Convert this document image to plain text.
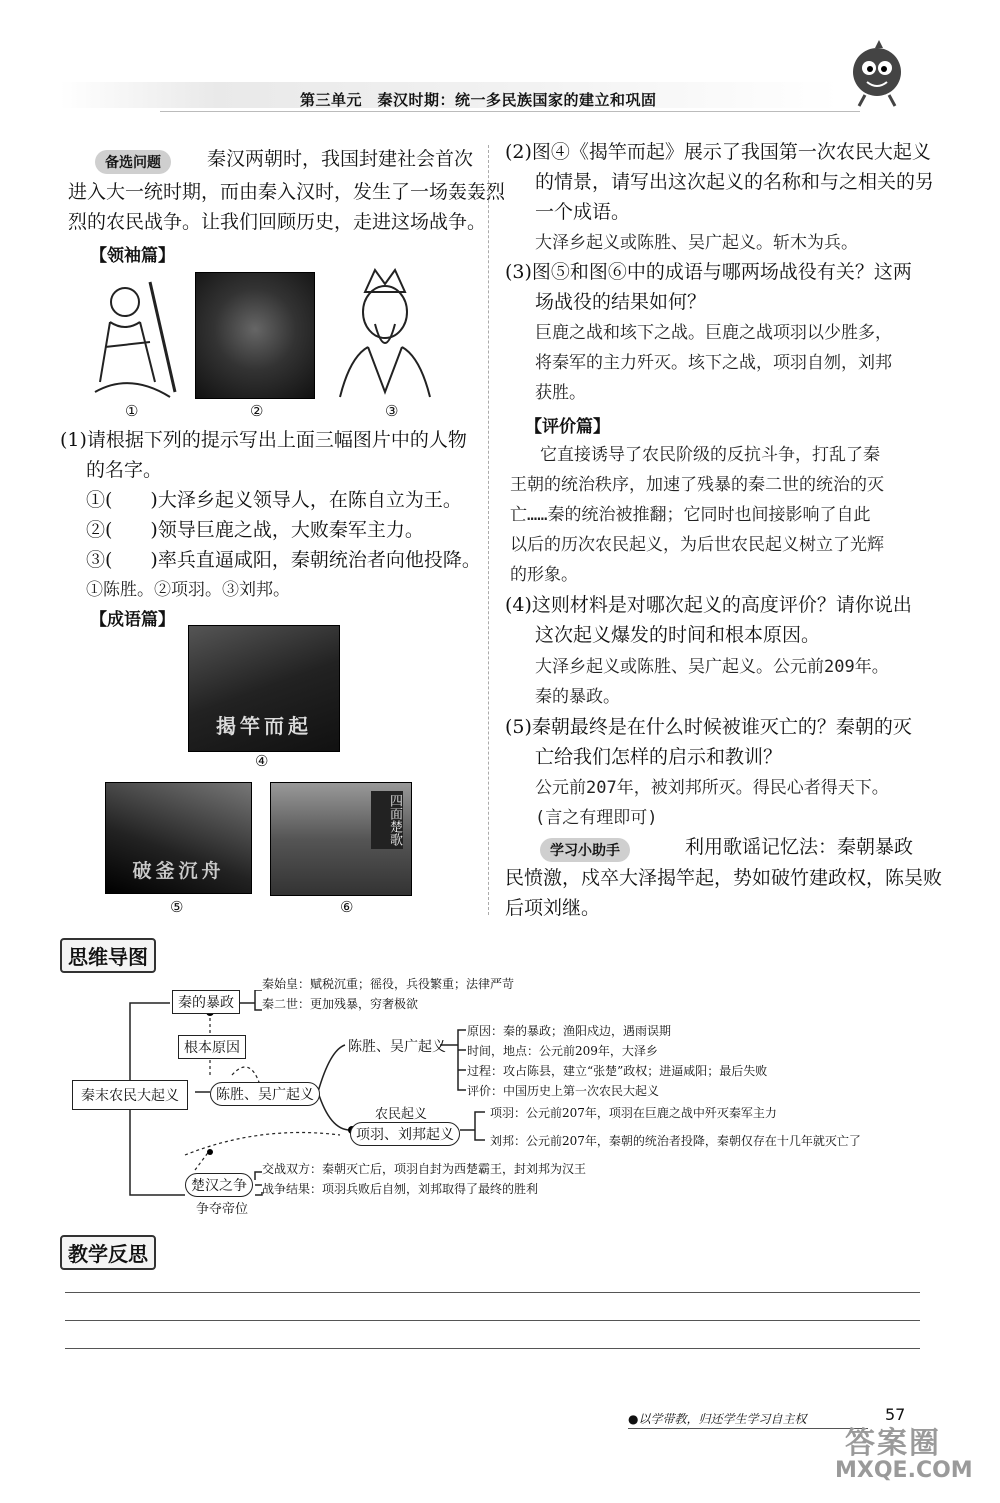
第三单元　秦汉时期：统一多民族国家的建立和巩固
备选问题	秦汉两朝时，我国封建社会首次
进入大一统时期，而由秦入汉时，发生了一场轰轰烈
烈的农民战争。让我们回顾历史，走进这场战争。
【领袖篇】
①	②	③
(1)请根据下列的提示写出上面三幅图片中的人物
的名字。
①(　　)大泽乡起义领导人，在陈自立为王。
②(　　)领导巨鹿之战，大败秦军主力。
③(　　)率兵直逼咸阳，秦朝统治者向他投降。
①陈胜。②项羽。③刘邦。
【成语篇】
揭竿而起
④
破釜沉舟
四面楚歌
⑤	⑥
(2)图④《揭竿而起》展示了我国第一次农民大起义
的情景，请写出这次起义的名称和与之相关的另
一个成语。
大泽乡起义或陈胜、吴广起义。斩木为兵。
(3)图⑤和图⑥中的成语与哪两场战役有关？这两
场战役的结果如何？
巨鹿之战和垓下之战。巨鹿之战项羽以少胜多，
将秦军的主力歼灭。垓下之战，项羽自刎，刘邦
获胜。
【评价篇】
它直接诱导了农民阶级的反抗斗争，打乱了秦
王朝的统治秩序，加速了残暴的秦二世的统治的灭
亡……秦的统治被推翻；它同时也间接影响了自此
以后的历次农民起义，为后世农民起义树立了光辉
的形象。
(4)这则材料是对哪次起义的高度评价？请你说出
这次起义爆发的时间和根本原因。
大泽乡起义或陈胜、吴广起义。公元前209年。
秦的暴政。
(5)秦朝最终是在什么时候被谁灭亡的？秦朝的灭
亡给我们怎样的启示和教训？
公元前207年，被刘邦所灭。得民心者得天下。
(言之有理即可)
学习小助手	利用歌谣记忆法：秦朝暴政
民愤激，戍卒大泽揭竿起，势如破竹建政权，陈吴败
后项刘继。
思维导图
秦末农民大起义
秦的暴政
根本原因
陈胜、吴广起义
楚汉之争
争夺帝位
秦始皇：赋税沉重；徭役，兵役繁重；法律严苛
秦二世：更加残暴，穷奢极欲
陈胜、吴广起义
原因：秦的暴政；渔阳戍边，遇雨误期
时间，地点：公元前209年，大泽乡
过程：攻占陈县，建立“张楚”政权；进逼咸阳；最后失败
评价：中国历史上第一次农民大起义
农民起义
项羽、刘邦起义
项羽：公元前207年，项羽在巨鹿之战中歼灭秦军主力
刘邦：公元前207年，秦朝的统治者投降，秦朝仅存在十几年就灭亡了
交战双方：秦朝灭亡后，项羽自封为西楚霸王，封刘邦为汉王
战争结果：项羽兵败后自刎，刘邦取得了最终的胜利
教学反思
●以学带教，归还学生学习自主权	57
答案圈
MXQE.COM
